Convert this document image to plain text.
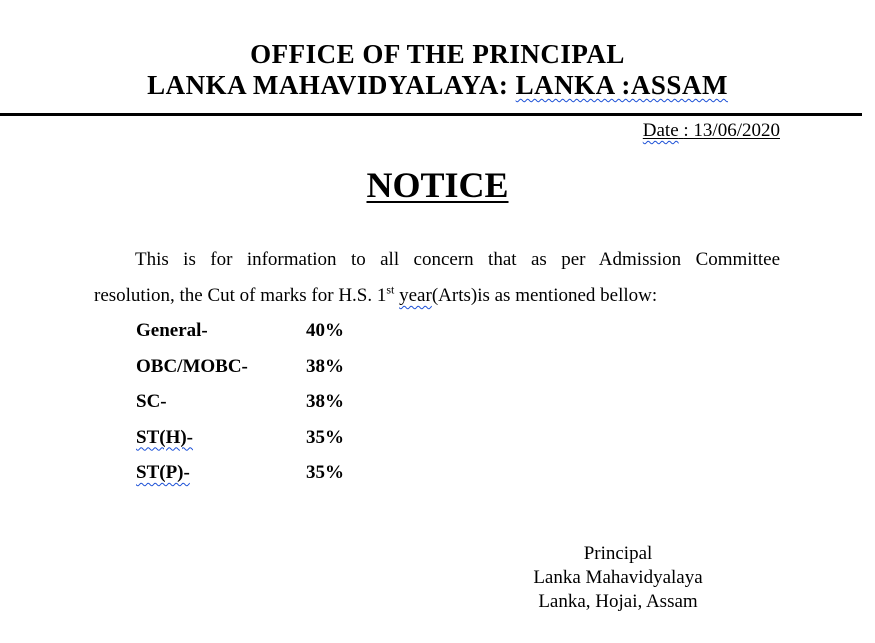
OFFICE OF THE PRINCIPAL
LANKA MAHAVIDYALAYA: LANKA :ASSAM
Date : 13/06/2020
NOTICE
This is for information to all concern that as per Admission Committee
resolution, the Cut of marks for H.S. 1st year(Arts)is as mentioned bellow:
General-	40%
OBC/MOBC-	38%
SC-	38%
ST(H)-	35%
ST(P)-	35%
Principal
Lanka Mahavidyalaya
Lanka, Hojai, Assam
